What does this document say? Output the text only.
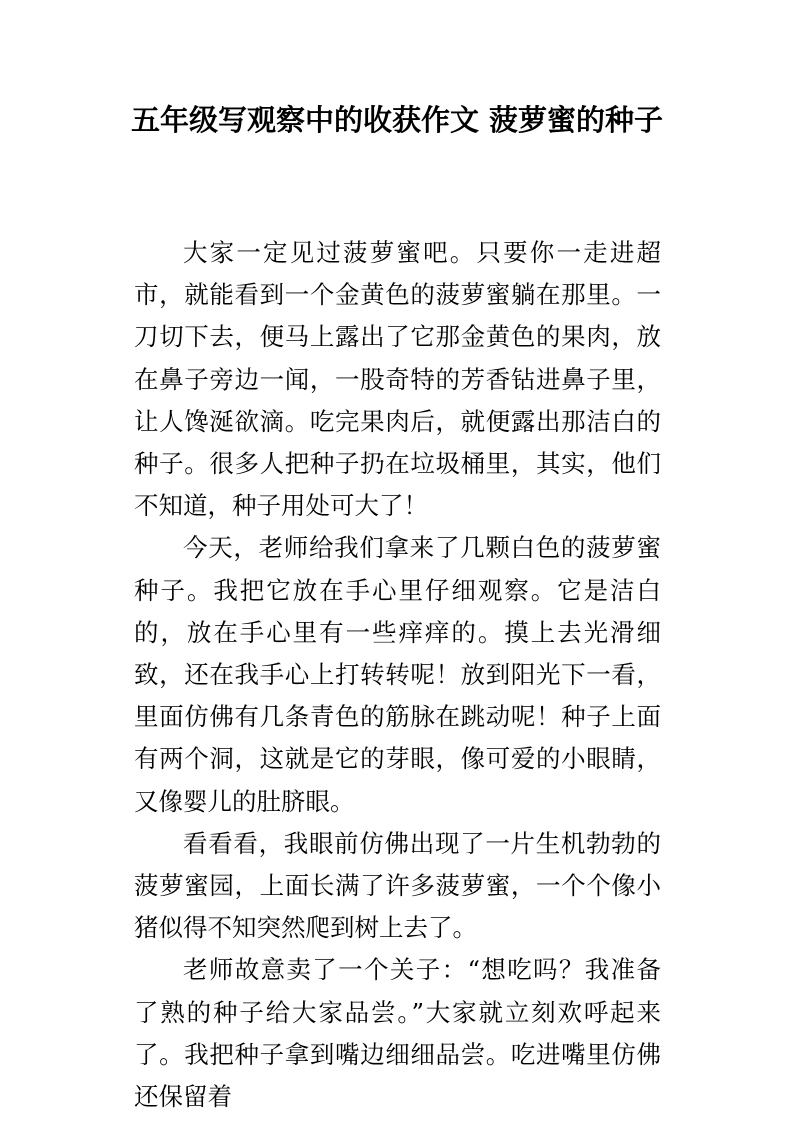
五年级写观察中的收获作文 菠萝蜜的种子

大家一定见过菠萝蜜吧。只要你一走进超市，就能看到一个金黄色的菠萝蜜躺在那里。一刀切下去，便马上露出了它那金黄色的果肉，放在鼻子旁边一闻，一股奇特的芳香钻进鼻子里，让人馋涎欲滴。吃完果肉后，就便露出那洁白的种子。很多人把种子扔在垃圾桶里，其实，他们不知道，种子用处可大了！

今天，老师给我们拿来了几颗白色的菠萝蜜种子。我把它放在手心里仔细观察。它是洁白的，放在手心里有一些痒痒的。摸上去光滑细致，还在我手心上打转转呢！放到阳光下一看，里面仿佛有几条青色的筋脉在跳动呢！种子上面有两个洞，这就是它的芽眼，像可爱的小眼睛，又像婴儿的肚脐眼。

看看看，我眼前仿佛出现了一片生机勃勃的菠萝蜜园，上面长满了许多菠萝蜜，一个个像小猪似得不知突然爬到树上去了。

老师故意卖了一个关子：“想吃吗？我准备了熟的种子给大家品尝。”大家就立刻欢呼起来了。我把种子拿到嘴边细细品尝。吃进嘴里仿佛还保留着
